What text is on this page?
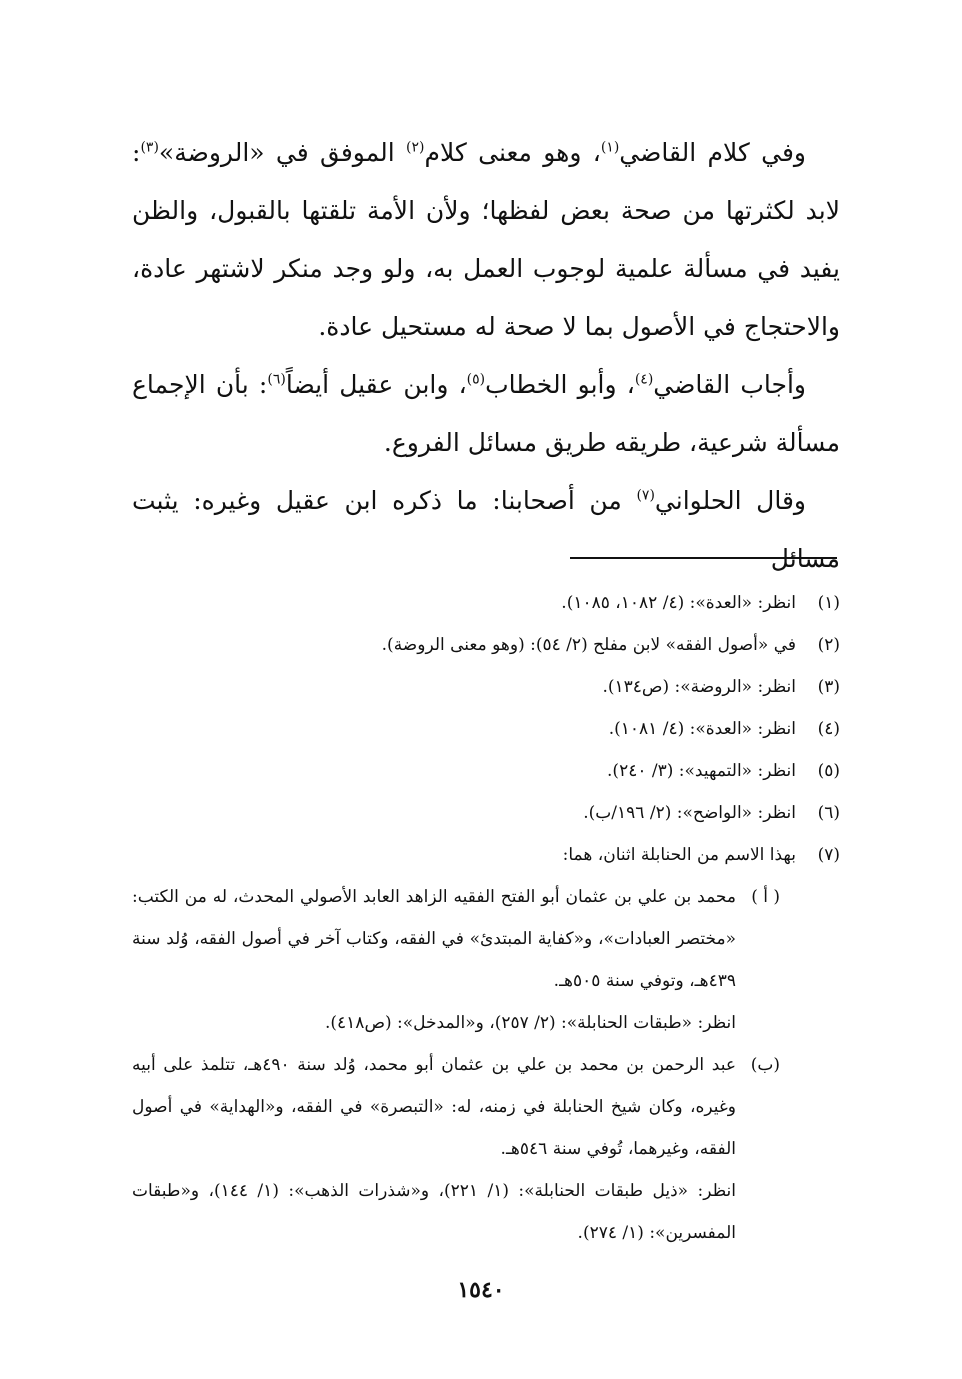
وفي كلام القاضي$^{(١)}$، وهو معنى كلام$^{(٢)}$ الموفق في «الروضة»$^{(٣)}$: لابد لكثرتها من صحة بعض لفظها؛ ولأن الأمة تلقتها بالقبول، والظن يفيد في مسألة علمية لوجوب العمل به، ولو وجد منكر لاشتهر عادة، والاحتجاج في الأصول بما لا صحة له مستحيل عادة.

وأجاب القاضي$^{(٤)}$، وأبو الخطاب$^{(٥)}$، وابن عقيل أيضاً$^{(٦)}$: بأن الإجماع مسألة شرعية، طريقه طريق مسائل الفروع.

وقال الحلواني$^{(٧)}$ من أصحابنا: ما ذكره ابن عقيل وغيره: يثبت مسائل

(١)
انظر: «العدة»: (٤/ ١٠٨٢، ١٠٨٥).
(٢)
في «أصول الفقه» لابن مفلح (٢/ ٥٤): (وهو معنى الروضة).
(٣)
انظر: «الروضة»: (ص١٣٤).
(٤)
انظر: «العدة»: (٤/ ١٠٨١).
(٥)
انظر: «التمهيد»: (٣/ ٢٤٠).
(٦)
انظر: «الواضح»: (٢/ ١٩٦/ب).
(٧)
بهذا الاسم من الحنابلة اثنان، هما:
( أ )
محمد بن علي بن عثمان أبو الفتح الفقيه الزاهد العابد الأصولي المحدث، له من الكتب: «مختصر العبادات»، و«كفاية المبتدئ» في الفقه، وكتاب آخر في أصول الفقه، وُلد سنة ٤٣٩هـ، وتوفي سنة ٥٠٥هـ.
انظر: «طبقات الحنابلة»: (٢/ ٢٥٧)، و«المدخل»: (ص٤١٨).
(ب)
عبد الرحمن بن محمد بن علي بن عثمان أبو محمد، وُلد سنة ٤٩٠هـ، تتلمذ على أبيه وغيره، وكان شيخ الحنابلة في زمنه، له: «التبصرة» في الفقه، و«الهداية» في أصول الفقه، وغيرهما، تُوفي سنة ٥٤٦هـ.
انظر: «ذيل طبقات الحنابلة»: (١/ ٢٢١)، و«شذرات الذهب»: (١/ ١٤٤)، و«طبقات المفسرين»: (١/ ٢٧٤).
١٥٤٠
